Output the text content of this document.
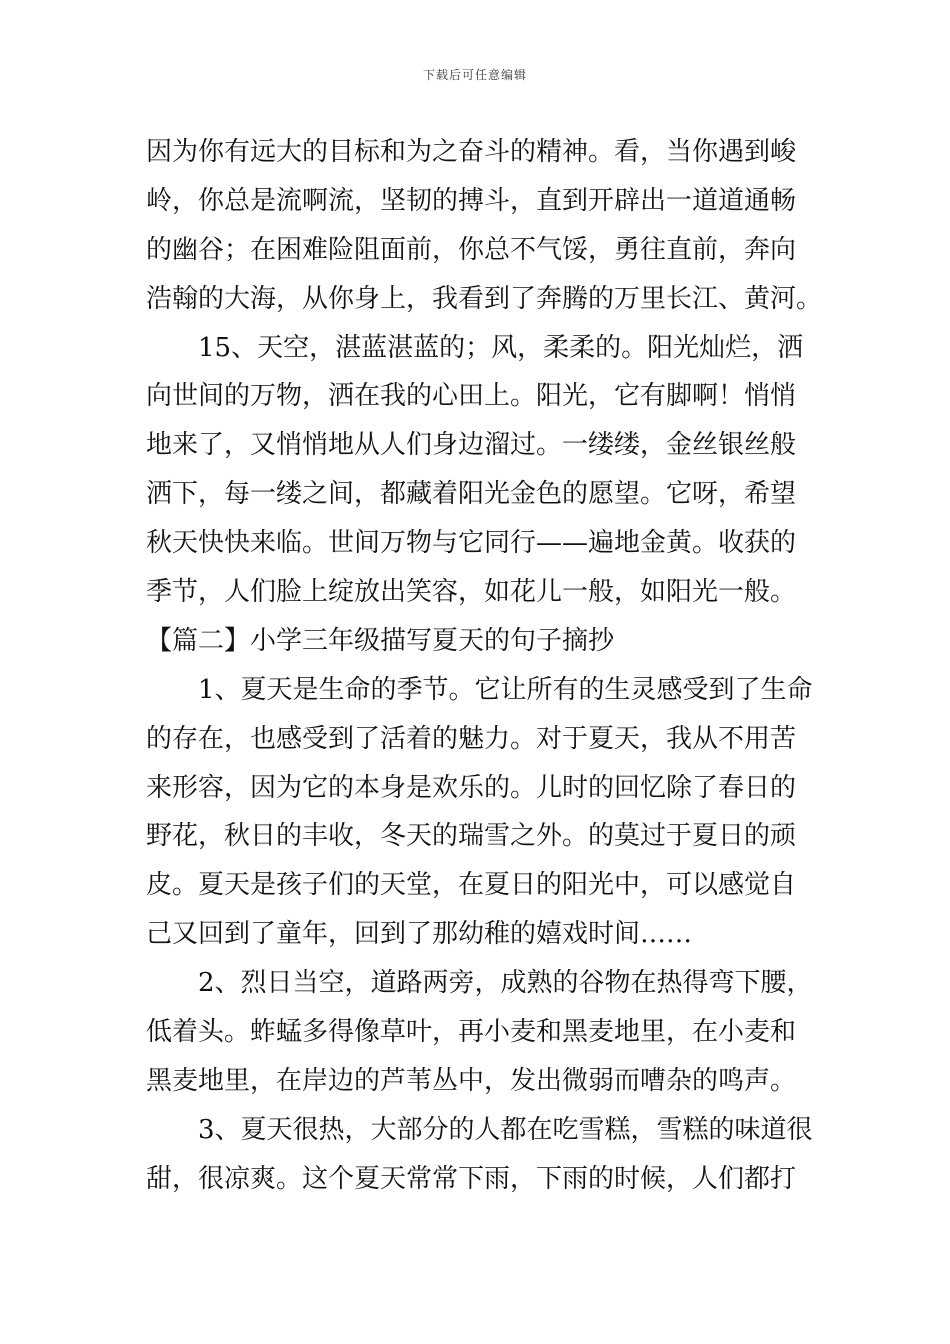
下载后可任意编辑
因为你有远大的目标和为之奋斗的精神。看，当你遇到峻
岭，你总是流啊流，坚韧的搏斗，直到开辟出一道道通畅
的幽谷；在困难险阻面前，你总不气馁，勇往直前，奔向
浩翰的大海，从你身上，我看到了奔腾的万里长江、黄河。
15、天空，湛蓝湛蓝的；风，柔柔的。阳光灿烂，洒
向世间的万物，洒在我的心田上。阳光，它有脚啊！悄悄
地来了，又悄悄地从人们身边溜过。一缕缕，金丝银丝般
洒下，每一缕之间，都藏着阳光金色的愿望。它呀，希望
秋天快快来临。世间万物与它同行——遍地金黄。收获的
季节，人们脸上绽放出笑容，如花儿一般，如阳光一般。
【篇二】小学三年级描写夏天的句子摘抄
1、夏天是生命的季节。它让所有的生灵感受到了生命
的存在，也感受到了活着的魅力。对于夏天，我从不用苦
来形容，因为它的本身是欢乐的。儿时的回忆除了春日的
野花，秋日的丰收，冬天的瑞雪之外。的莫过于夏日的顽
皮。夏天是孩子们的天堂，在夏日的阳光中，可以感觉自
己又回到了童年，回到了那幼稚的嬉戏时间……
2、烈日当空，道路两旁，成熟的谷物在热得弯下腰，
低着头。蚱蜢多得像草叶，再小麦和黑麦地里，在小麦和
黑麦地里，在岸边的芦苇丛中，发出微弱而嘈杂的鸣声。
3、夏天很热，大部分的人都在吃雪糕，雪糕的味道很
甜，很凉爽。这个夏天常常下雨，下雨的时候，人们都打
